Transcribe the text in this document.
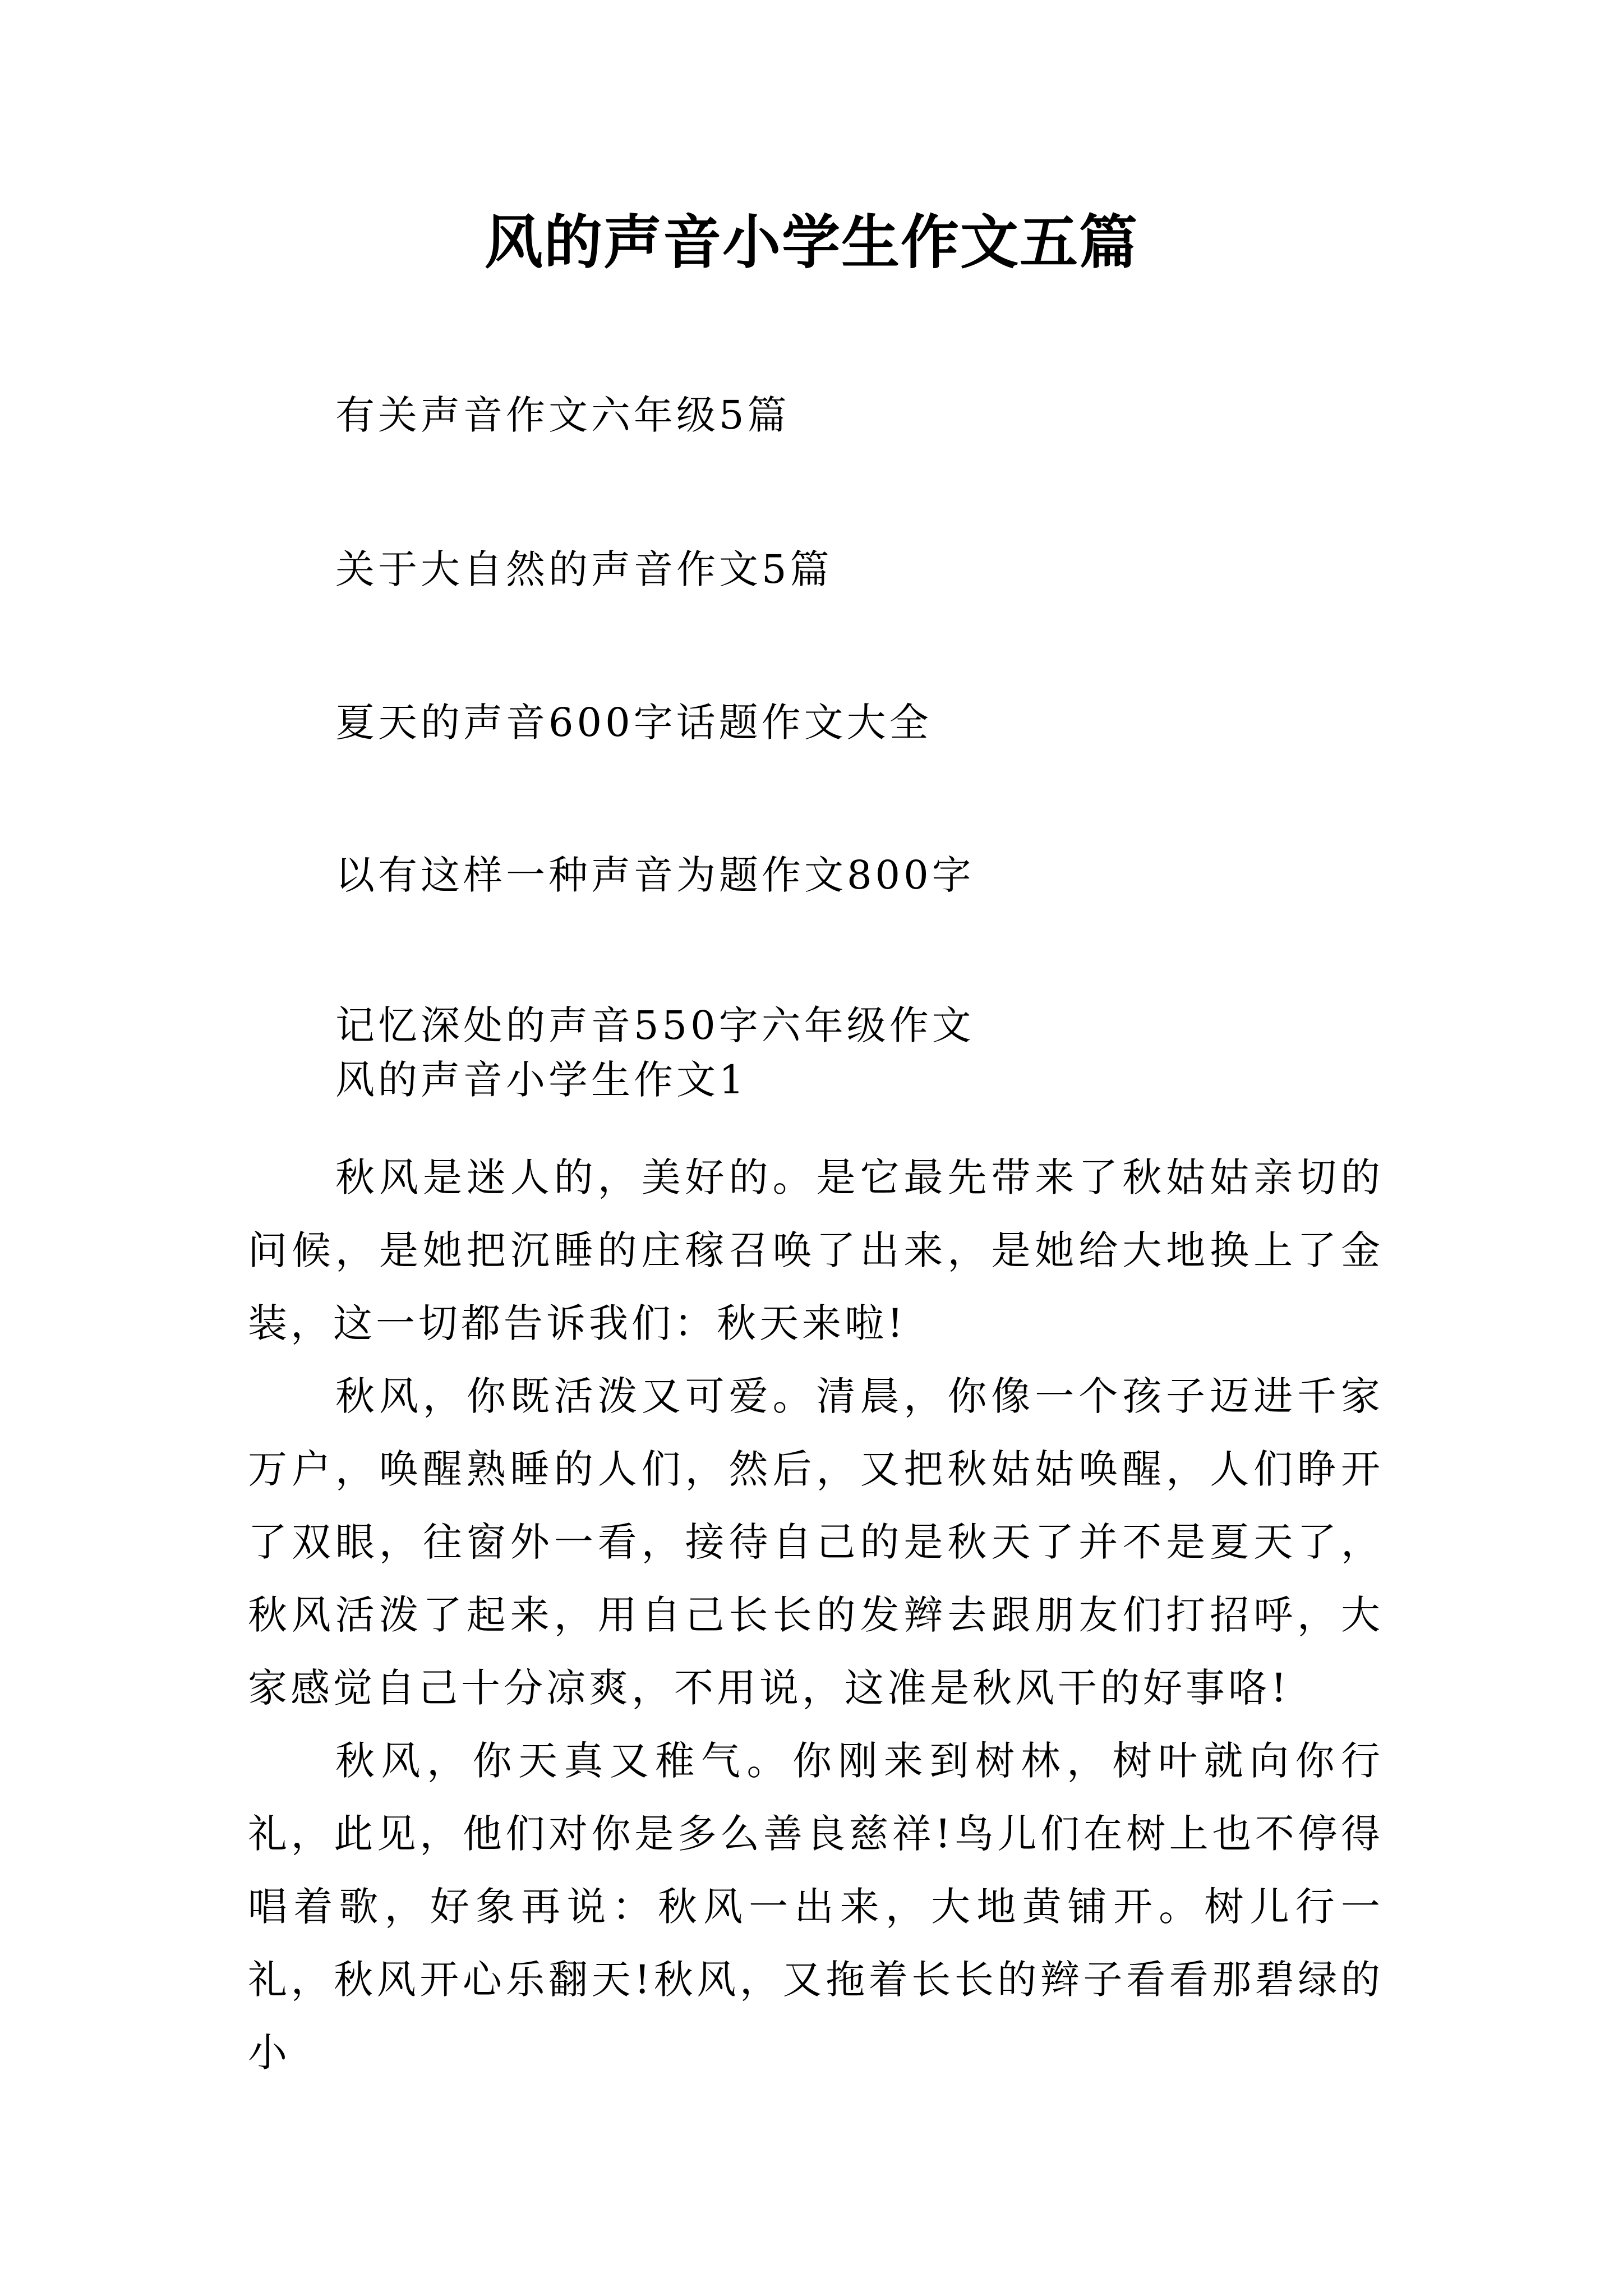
风的声音小学生作文五篇
有关声音作文六年级5篇
关于大自然的声音作文5篇
夏天的声音600字话题作文大全
以有这样一种声音为题作文800字
记忆深处的声音550字六年级作文
风的声音小学生作文1

秋风是迷人的，美好的。是它最先带来了秋姑姑亲切的问候，是她把沉睡的庄稼召唤了出来，是她给大地换上了金装，这一切都告诉我们：秋天来啦!

秋风，你既活泼又可爱。清晨，你像一个孩子迈进千家万户，唤醒熟睡的人们，然后，又把秋姑姑唤醒，人们睁开了双眼，往窗外一看，接待自己的是秋天了并不是夏天了，秋风活泼了起来，用自己长长的发辫去跟朋友们打招呼，大家感觉自己十分凉爽，不用说，这准是秋风干的好事咯!

秋风，你天真又稚气。你刚来到树林，树叶就向你行礼，此见，他们对你是多么善良慈祥!鸟儿们在树上也不停得唱着歌，好象再说：秋风一出来，大地黄铺开。树儿行一礼，秋风开心乐翻天!秋风，又拖着长长的辫子看看那碧绿的小
